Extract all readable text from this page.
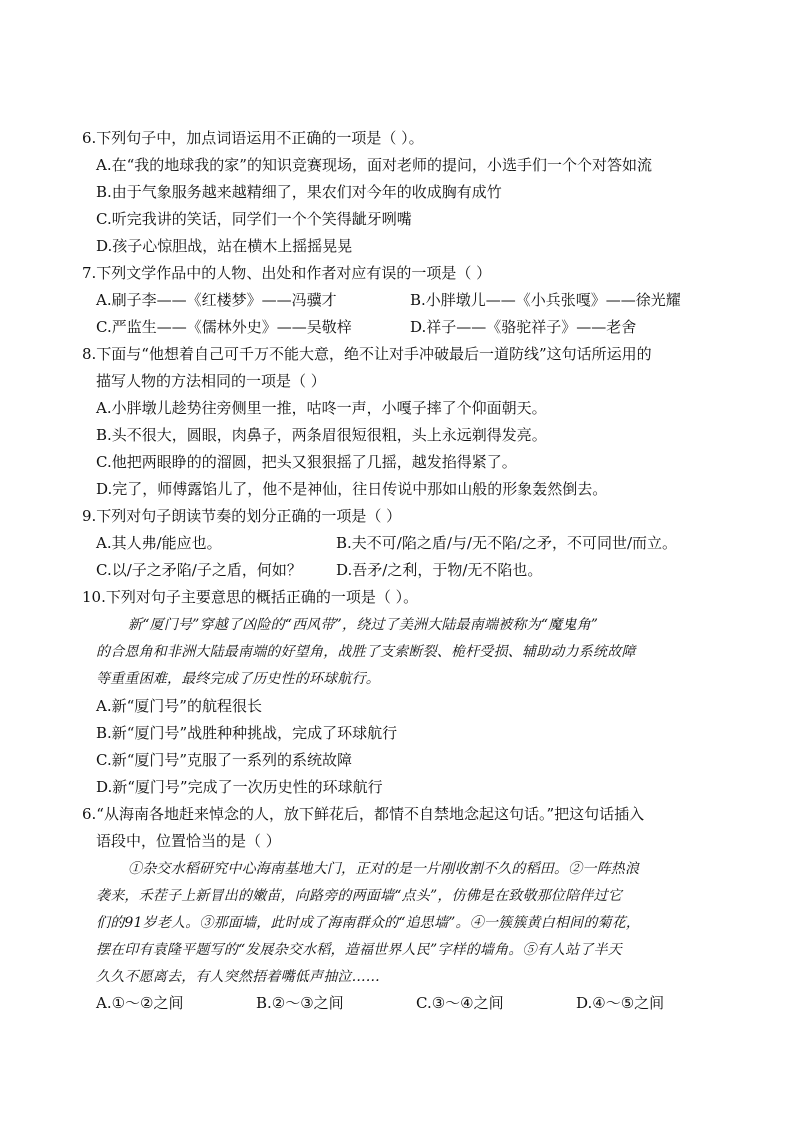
6.下列句子中，加点词语运用不正确的一项是（ ）。
A.在“我的地球我的家”的知识竞赛现场，面对老师的提问，小选手们一个个对答如流
B.由于气象服务越来越精细了，果农们对今年的收成胸有成竹
C.听完我讲的笑话，同学们一个个笑得龇牙咧嘴
D.孩子心惊胆战，站在横木上摇摇晃晃
7.下列文学作品中的人物、出处和作者对应有误的一项是（ ）
A.刷子李——《红楼梦》——冯骥才	B.小胖墩儿——《小兵张嘎》——徐光耀
C.严监生——《儒林外史》——吴敬梓	D.祥子——《骆驼祥子》——老舍
8.下面与“他想着自己可千万不能大意，绝不让对手冲破最后一道防线”这句话所运用的
描写人物的方法相同的一项是（ ）
A.小胖墩儿趁势往旁侧里一推，咕咚一声，小嘎子摔了个仰面朝天。
B.头不很大，圆眼，肉鼻子，两条眉很短很粗，头上永远剃得发亮。
C.他把两眼睁的的溜圆，把头又狠狠摇了几摇，越发掐得紧了。
D.完了，师傅露馅儿了，他不是神仙，往日传说中那如山般的形象轰然倒去。
9.下列对句子朗读节奏的划分正确的一项是（ ）
A.其人弗/能应也。	B.夫不可/陷之盾/与/无不陷/之矛，不可同世/而立。
C.以/子之矛陷/子之盾，何如？ D.吾矛/之利，于物/无不陷也。
10.下列对句子主要意思的概括正确的一项是（ ）。
新“厦门号”穿越了凶险的“西风带”，绕过了美洲大陆最南端被称为“魔鬼角”
的合恩角和非洲大陆最南端的好望角，战胜了支索断裂、桅杆受损、辅助动力系统故障
等重重困难，最终完成了历史性的环球航行。
A.新“厦门号”的航程很长
B.新“厦门号”战胜种种挑战，完成了环球航行
C.新“厦门号”克服了一系列的系统故障
D.新“厦门号”完成了一次历史性的环球航行
6.“从海南各地赶来悼念的人，放下鲜花后，都情不自禁地念起这句话。”把这句话插入
语段中，位置恰当的是（ ）
①杂交水稻研究中心海南基地大门，正对的是一片刚收割不久的稻田。②一阵热浪
袭来，禾茬子上新冒出的嫩苗，向路旁的两面墙“点头”，仿佛是在致敬那位陪伴过它
们的91岁老人。③那面墙，此时成了海南群众的“追思墙”。④一簇簇黄白相间的菊花，
摆在印有袁隆平题写的“发展杂交水稻，造福世界人民”字样的墙角。⑤有人站了半天
久久不愿离去，有人突然捂着嘴低声抽泣……
A.①～②之间	B.②～③之间	C.③～④之间	D.④～⑤之间
